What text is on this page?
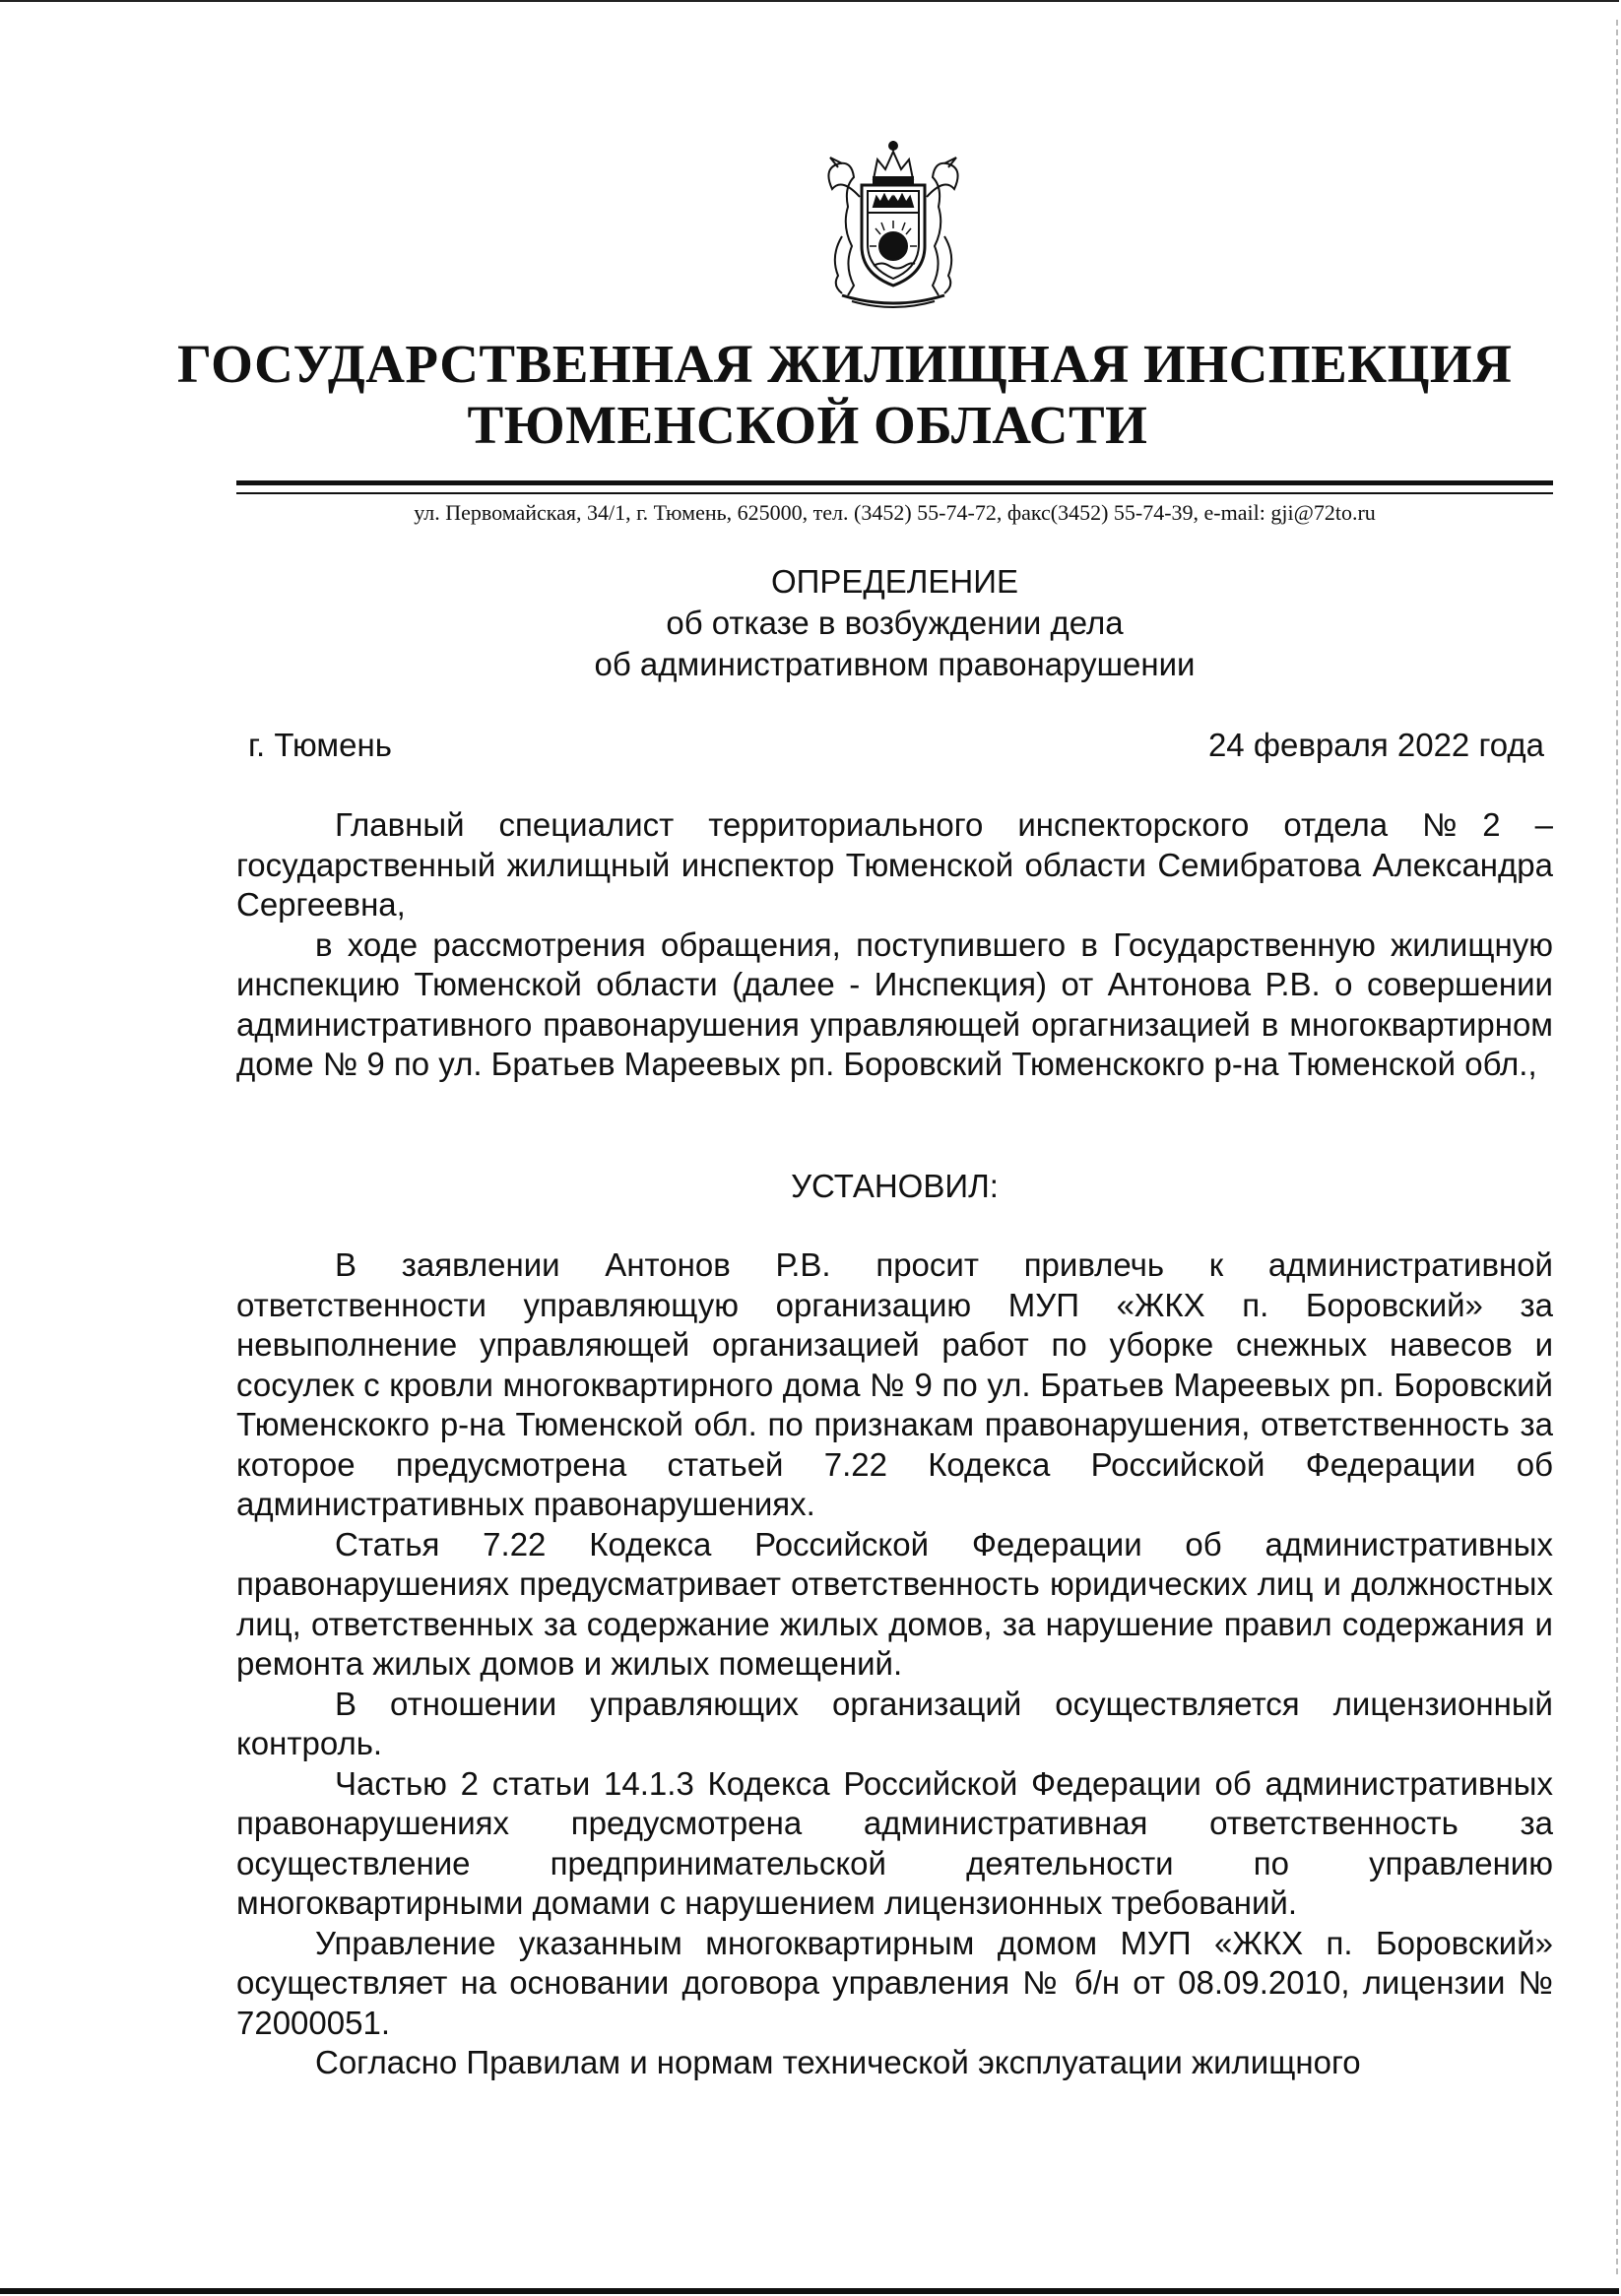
ГОСУДАРСТВЕННАЯ ЖИЛИЩНАЯ ИНСПЕКЦИЯ
ТЮМЕНСКОЙ ОБЛАСТИ
ул. Первомайская, 34/1, г. Тюмень, 625000, тел. (3452) 55-74-72, факс(3452) 55-74-39, e-mail: gji@72to.ru
ОПРЕДЕЛЕНИЕ
об отказе в возбуждении дела
об административном правонарушении
г. Тюмень	24 февраля 2022 года

Главный специалист территориального инспекторского отдела №2 – государственный жилищный инспектор Тюменской области Семибратова Александра Сергеевна,

в ходе рассмотрения обращения, поступившего в Государственную жилищную инспекцию Тюменской области (далее - Инспекция) от Антонова Р.В. о совершении административного правонарушения управляющей оргагнизацией в многоквартирном доме № 9 по ул. Братьев Мареевых рп. Боровский Тюменскокго р-на Тюменской обл.,

УСТАНОВИЛ:

В заявлении Антонов Р.В. просит привлечь к административной ответственности управляющую организацию МУП «ЖКХ п. Боровский» за невыполнение управляющей организацией работ по уборке снежных навесов и сосулек с кровли многоквартирного дома № 9 по ул. Братьев Мареевых рп. Боровский Тюменскокго р-на Тюменской обл. по признакам правонарушения, ответственность за которое предусмотрена статьей 7.22 Кодекса Российской Федерации об административных правонарушениях.

Статья 7.22 Кодекса Российской Федерации об административных правонарушениях предусматривает ответственность юридических лиц и должностных лиц, ответственных за содержание жилых домов, за нарушение правил содержания и ремонта жилых домов и жилых помещений.

В отношении управляющих организаций осуществляется лицензионный контроль.

Частью 2 статьи 14.1.3 Кодекса Российской Федерации об административных правонарушениях предусмотрена административная ответственность за осуществление предпринимательской деятельности по управлению многоквартирными домами с нарушением лицензионных требований.

Управление указанным многоквартирным домом МУП «ЖКХ п. Боровский» осуществляет на основании договора управления № б/н от 08.09.2010, лицензии № 72000051.

Согласно Правилам и нормам технической эксплуатации жилищного
